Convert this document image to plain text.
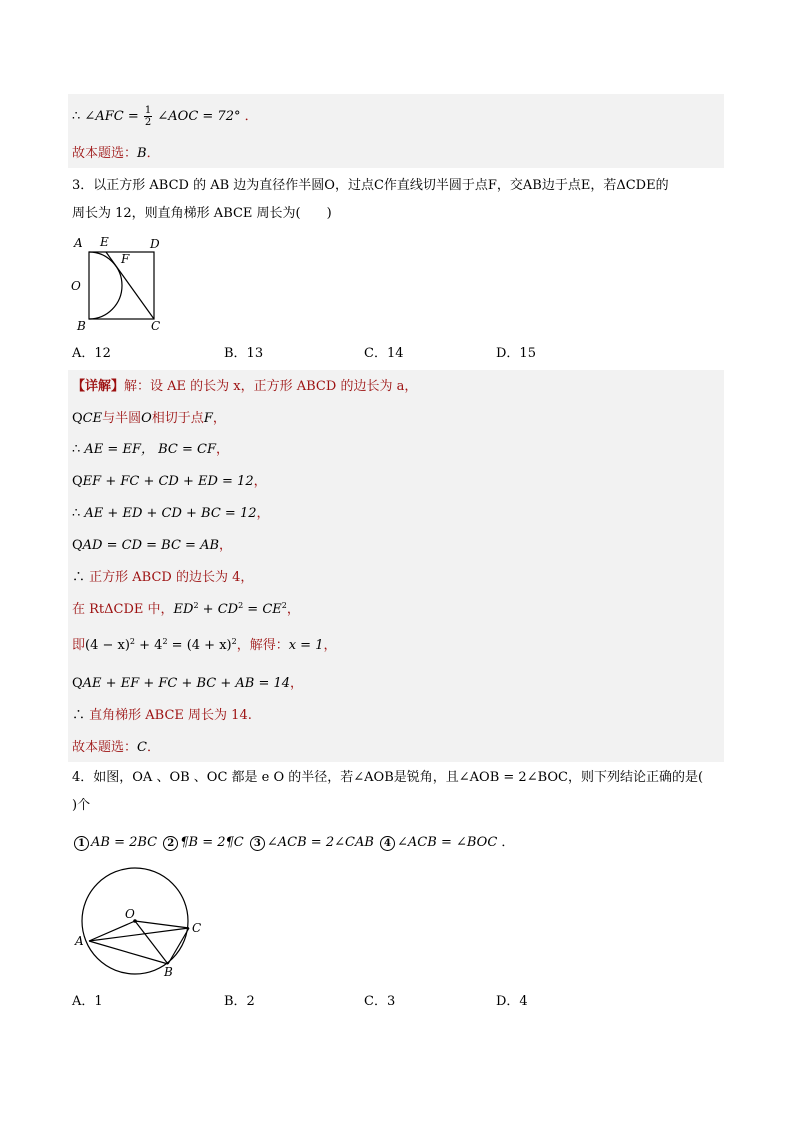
∴ ∠AFC = $\frac{1}{2}$ ∠AOC = 72° ．
故本题选：B．
3．以正方形 ABCD 的 AB 边为直径作半圆O，过点C作直线切半圆于点F，交AB边于点E，若ΔCDE的
周长为 12，则直角梯形 ABCE 周长为(　　)
A E	D
F
O
B	C
A．12	B．13	C．14	D．15
【详解】解：设 AE 的长为 x，正方形 ABCD 的边长为 a，
QCE与半圆O相切于点F，
∴ AE = EF， BC = CF，
QEF + FC + CD + ED = 12，
∴ AE + ED + CD + BC = 12，
QAD = CD = BC = AB，
∴ 正方形 ABCD 的边长为 4，
在 RtΔCDE 中，$ED^2 + CD^2 = CE^2$，
即$(4 - x)^2 + 4^2 = (4 + x)^2$，解得：x = 1，
QAE + EF + FC + BC + AB = 14，
∴ 直角梯形 ABCE 周长为 14.
故本题选：C．
4．如图，OA 、OB 、OC 都是 e O 的半径，若∠AOB是锐角，且∠AOB = 2∠BOC，则下列结论正确的是(
)个
1 AB = 2BC 2 ¶B = 2¶C 3 ∠ACB = 2∠CAB 4 ∠ACB = ∠BOC ．
O
A
B
C
A．1	B．2	C．3	D．4
